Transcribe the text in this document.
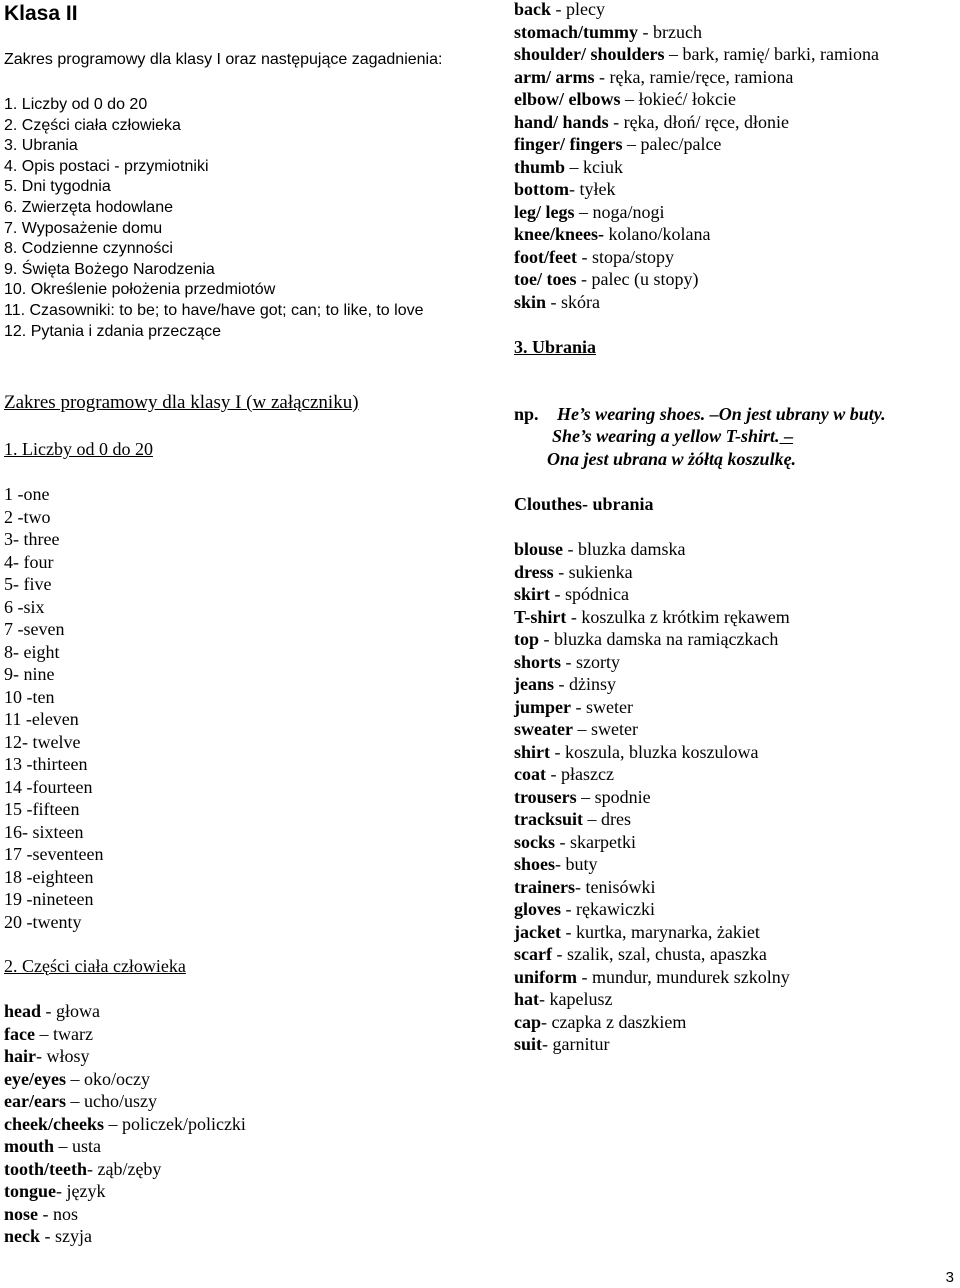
Klasa II
Zakres programowy dla klasy I oraz następujące zagadnienia:
1. Liczby od 0 do 20
2. Części ciała człowieka
3. Ubrania
4. Opis postaci - przymiotniki
5. Dni tygodnia
6. Zwierzęta hodowlane
7. Wyposażenie domu
8. Codzienne czynności
9. Święta Bożego Narodzenia
10. Określenie położenia przedmiotów
11. Czasowniki: to be; to have/have got; can; to like, to love
12. Pytania i zdania przeczące
Zakres programowy dla klasy I (w załączniku)
1. Liczby od 0 do 20
1 -one
2 -two
3- three
4- four
5- five
6 -six
7 -seven
8- eight
9- nine
10 -ten
11 -eleven
12- twelve
13 -thirteen
14 -fourteen
15 -fifteen
16- sixteen
17 -seventeen
18 -eighteen
19 -nineteen
20 -twenty
2. Części ciała człowieka
head - głowa
face – twarz
hair- włosy
eye/eyes – oko/oczy
ear/ears – ucho/uszy
cheek/cheeks – policzek/policzki
mouth – usta
tooth/teeth- ząb/zęby
tongue- język
nose - nos
neck - szyja
back - plecy
stomach/tummy - brzuch
shoulder/ shoulders – bark, ramię/ barki, ramiona
arm/ arms - ręka, ramie/ręce, ramiona
elbow/ elbows – łokieć/ łokcie
hand/ hands - ręka, dłoń/ ręce, dłonie
finger/ fingers – palec/palce
thumb – kciuk
bottom- tyłek
leg/ legs – noga/nogi
knee/knees- kolano/kolana
foot/feet - stopa/stopy
toe/ toes - palec (u stopy)
skin - skóra
3. Ubrania
np. He’s wearing shoes. –On jest ubrany w buty.
She’s wearing a yellow T-shirt. –
Ona jest ubrana w żółtą koszulkę.
Clouthes- ubrania
blouse - bluzka damska
dress - sukienka
skirt - spódnica
T-shirt - koszulka z krótkim rękawem
top - bluzka damska na ramiączkach
shorts - szorty
jeans - dżinsy
jumper - sweter
sweater – sweter
shirt - koszula, bluzka koszulowa
coat - płaszcz
trousers – spodnie
tracksuit – dres
socks - skarpetki
shoes- buty
trainers- tenisówki
gloves - rękawiczki
jacket - kurtka, marynarka, żakiet
scarf - szalik, szal, chusta, apaszka
uniform - mundur, mundurek szkolny
hat- kapelusz
cap- czapka z daszkiem
suit- garnitur
3
